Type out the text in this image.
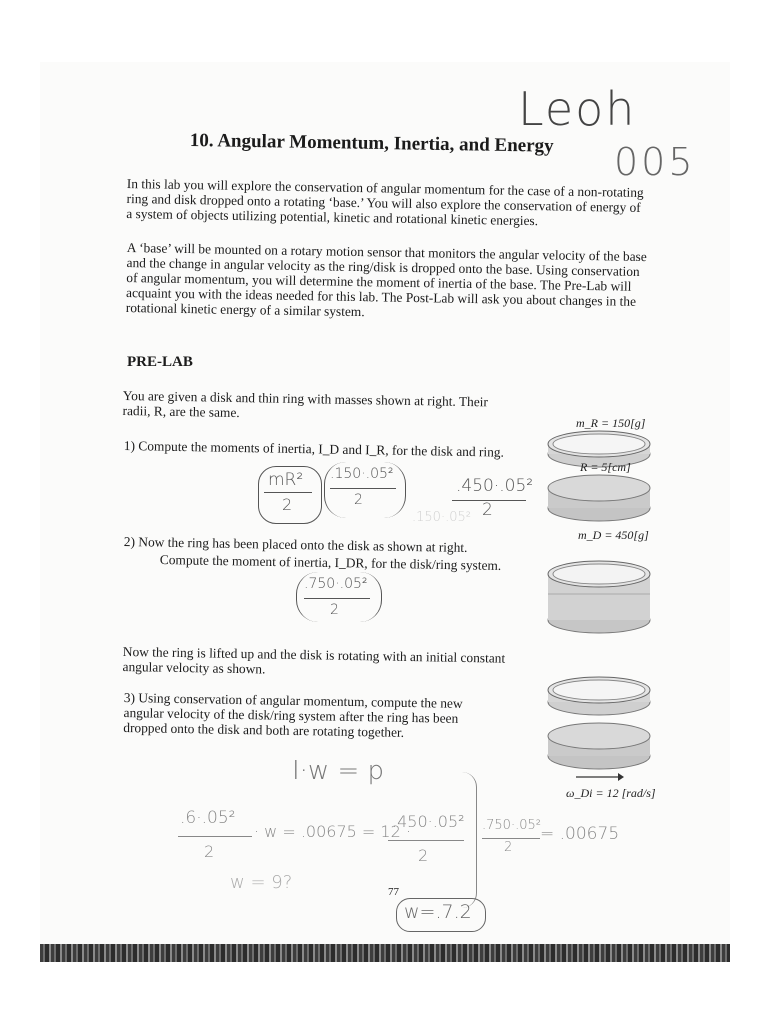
Leoh
005
10. Angular Momentum, Inertia, and Energy
In this lab you will explore the conservation of angular momentum for the case of a non-rotating ring and disk dropped onto a rotating ‘base.’ You will also explore the conservation of energy of a system of objects utilizing potential, kinetic and rotational kinetic energies.
A ‘base’ will be mounted on a rotary motion sensor that monitors the angular velocity of the base and the change in angular velocity as the ring/disk is dropped onto the base. Using conservation of angular momentum, you will determine the moment of inertia of the base. The Pre-Lab will acquaint you with the ideas needed for this lab. The Post-Lab will ask you about changes in the rotational kinetic energy of a similar system.
PRE-LAB
You are given a disk and thin ring with masses shown at right. Their radii, R, are the same.
1) Compute the moments of inertia, I_D and I_R, for the disk and ring.
mR²
2
.150·.05²
2
.450·.05²
2
.150·.05²
2) Now the ring has been placed onto the disk as shown at right.
Compute the moment of inertia, I_DR, for the disk/ring system.
.750·.05²
2
Now the ring is lifted up and the disk is rotating with an initial constant angular velocity as shown.
3) Using conservation of angular momentum, compute the new angular velocity of the disk/ring system after the ring has been dropped onto the disk and both are rotating together.
I·w = p
.6·.05²
2
· w = .00675 = 12 ·
.450·.05²
2
.750·.05²
2
= .00675
w = 9?
w=.7.2
77
m_R = 150[g]
R = 5[cm]
m_D = 450[g]
ω_Di = 12 [rad/s]
